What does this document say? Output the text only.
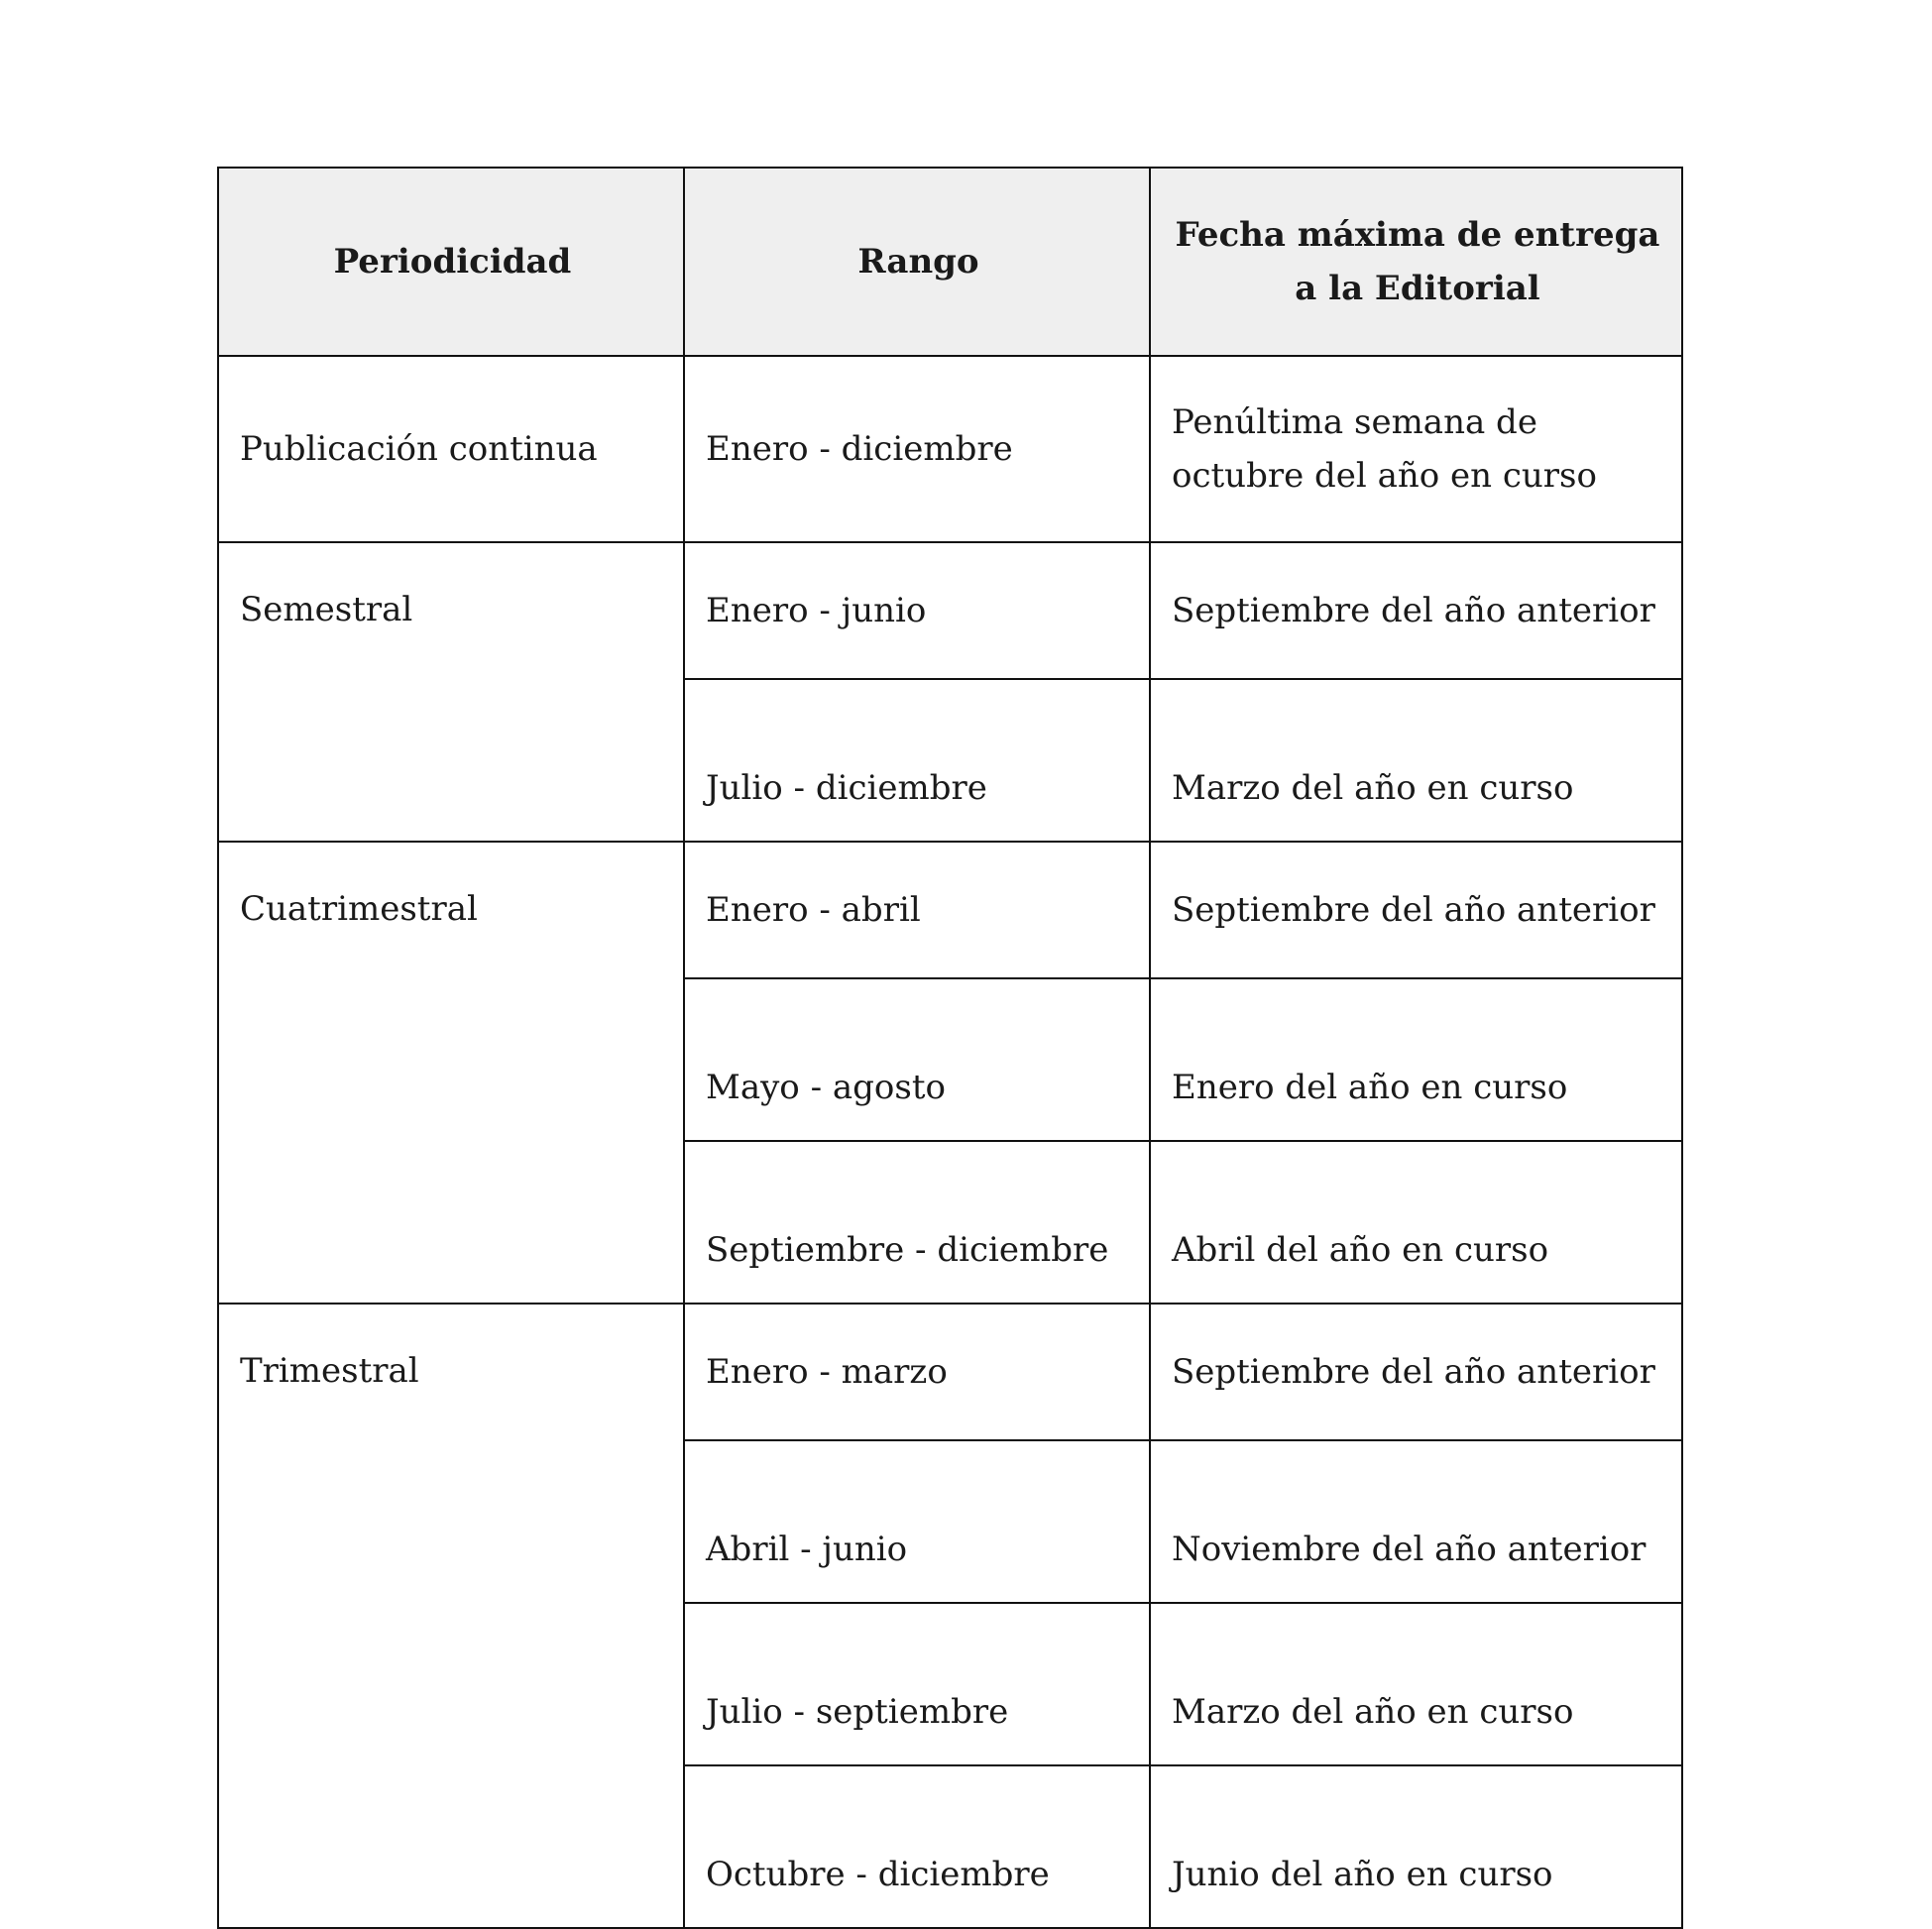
Periodicidad	Rango	Fecha máxima de entrega a la Editorial
Publicación continua	Enero - diciembre	Penúltima semana de octubre del año en curso
Semestral	Enero - junio	Septiembre del año anterior
	Julio - diciembre	Marzo del año en curso
Cuatrimestral	Enero - abril	Septiembre del año anterior
	Mayo - agosto	Enero del año en curso
	Septiembre - diciembre	Abril del año en curso
Trimestral	Enero - marzo	Septiembre del año anterior
	Abril - junio	Noviembre del año anterior
	Julio - septiembre	Marzo del año en curso
	Octubre - diciembre	Junio del año en curso
